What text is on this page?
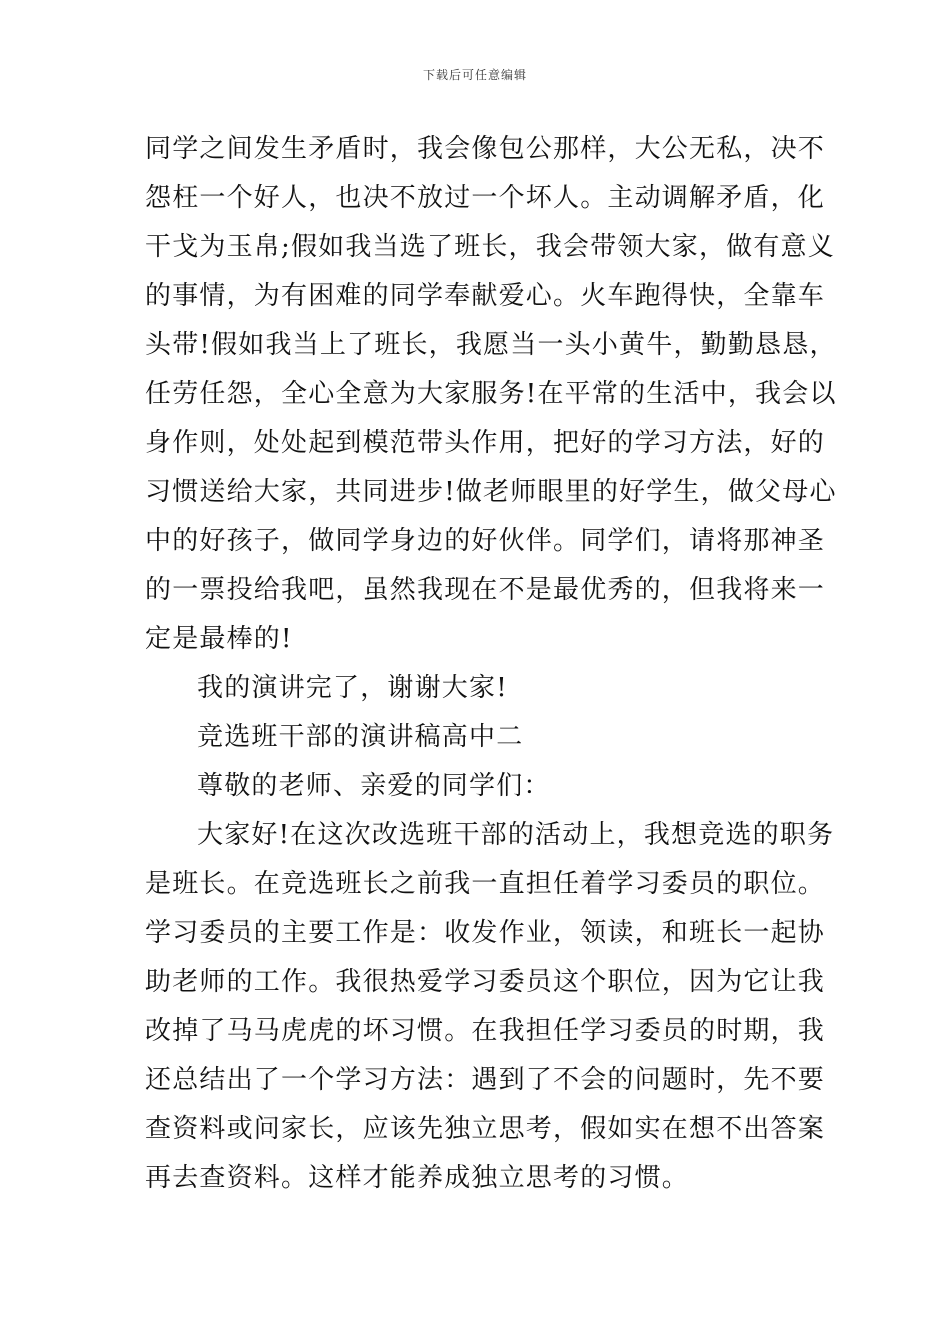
下载后可任意编辑
同学之间发生矛盾时，我会像包公那样，大公无私，决不
怨枉一个好人，也决不放过一个坏人。主动调解矛盾，化
干戈为玉帛;假如我当选了班长，我会带领大家，做有意义
的事情，为有困难的同学奉献爱心。火车跑得快，全靠车
头带!假如我当上了班长，我愿当一头小黄牛，勤勤恳恳，
任劳任怨，全心全意为大家服务!在平常的生活中，我会以
身作则，处处起到模范带头作用，把好的学习方法，好的
习惯送给大家，共同进步!做老师眼里的好学生，做父母心
中的好孩子，做同学身边的好伙伴。同学们，请将那神圣
的一票投给我吧，虽然我现在不是最优秀的，但我将来一
定是最棒的!
我的演讲完了，谢谢大家!
竞选班干部的演讲稿高中二
尊敬的老师、亲爱的同学们：
大家好!在这次改选班干部的活动上，我想竞选的职务
是班长。在竞选班长之前我一直担任着学习委员的职位。
学习委员的主要工作是：收发作业，领读，和班长一起协
助老师的工作。我很热爱学习委员这个职位，因为它让我
改掉了马马虎虎的坏习惯。在我担任学习委员的时期，我
还总结出了一个学习方法：遇到了不会的问题时，先不要
查资料或问家长，应该先独立思考，假如实在想不出答案
再去查资料。这样才能养成独立思考的习惯。
